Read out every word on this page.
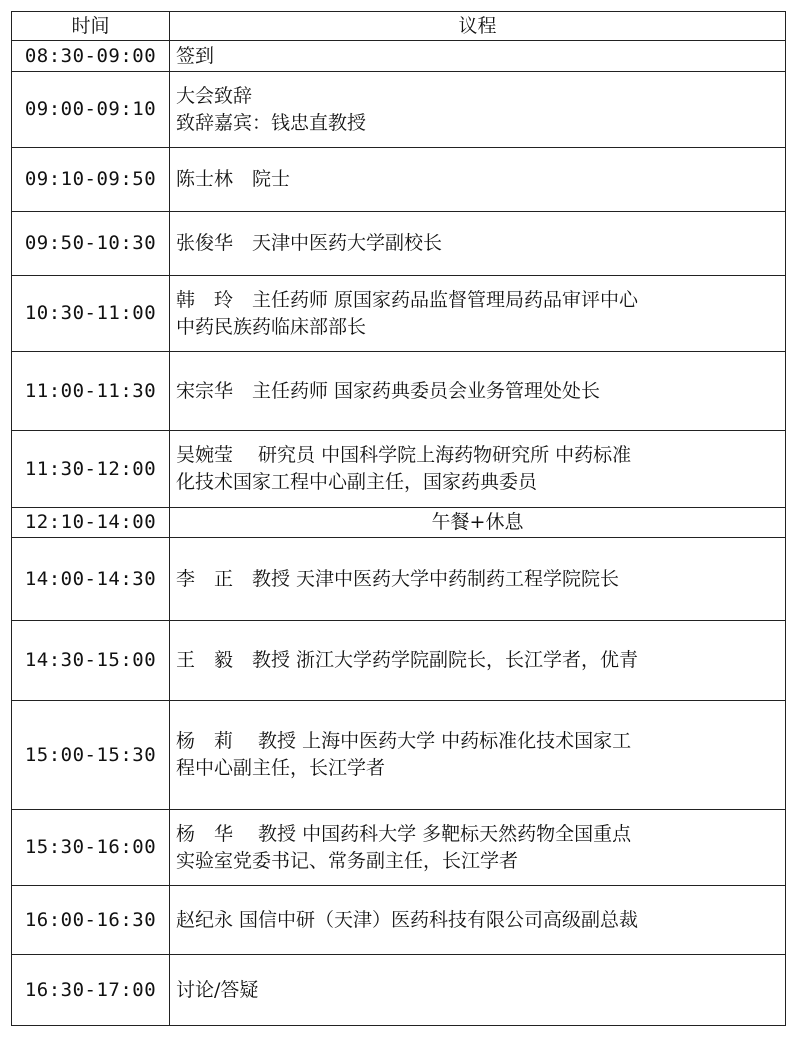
时间	议程
08:30-09:00	签到

09:00-09:10	大会致辞
致辞嘉宾：钱忠直教授

09:10-09:50	陈士林　院士

09:50-10:30	张俊华　天津中医药大学副校长

10:30-11:00	韩　玲　主任药师 原国家药品监督管理局药品审评中心
中药民族药临床部部长

11:00-11:30	宋宗华　主任药师 国家药典委员会业务管理处处长

11:30-12:00	吴婉莹　 研究员 中国科学院上海药物研究所 中药标准
化技术国家工程中心副主任，国家药典委员

12:10-14:00	午餐+休息

14:00-14:30	李　正　教授 天津中医药大学中药制药工程学院院长

14:30-15:00	王　毅　教授 浙江大学药学院副院长，长江学者，优青

15:00-15:30	杨　莉　 教授 上海中医药大学 中药标准化技术国家工
程中心副主任，长江学者

15:30-16:00	杨　华　 教授 中国药科大学 多靶标天然药物全国重点
实验室党委书记、常务副主任，长江学者

16:00-16:30	赵纪永 国信中研（天津）医药科技有限公司高级副总裁

16:30-17:00	讨论/答疑
